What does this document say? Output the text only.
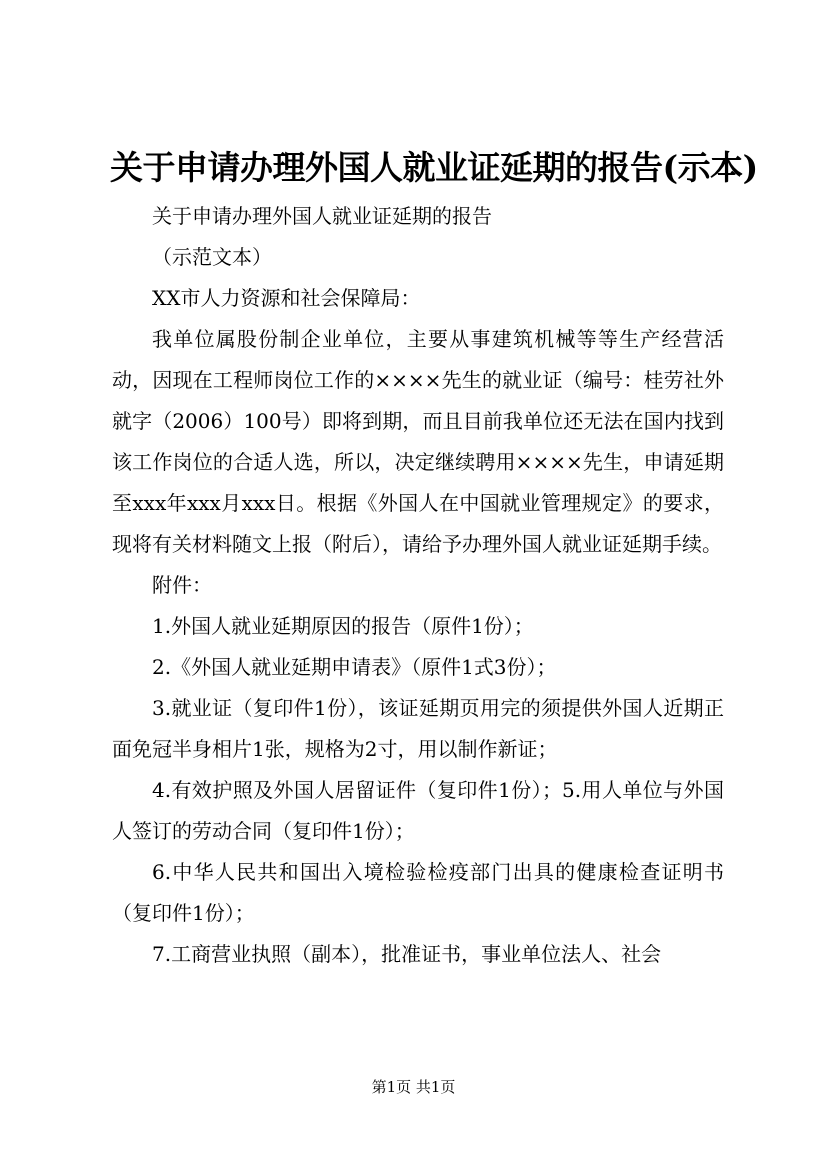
关于申请办理外国人就业证延期的报告(示本)

关于申请办理外国人就业证延期的报告

（示范文本）

XX市人力资源和社会保障局：

我单位属股份制企业单位，主要从事建筑机械等等生产经营活动，因现在工程师岗位工作的××××先生的就业证（编号：桂劳社外就字（2006）100号）即将到期，而且目前我单位还无法在国内找到该工作岗位的合适人选，所以，决定继续聘用××××先生，申请延期至xxx年xxx月xxx日。根据《外国人在中国就业管理规定》的要求，现将有关材料随文上报（附后），请给予办理外国人就业证延期手续。

附件：

1.外国人就业延期原因的报告（原件1份）；

2.《外国人就业延期申请表》（原件1式3份）；

3.就业证（复印件1份），该证延期页用完的须提供外国人近期正面免冠半身相片1张，规格为2寸，用以制作新证；

4.有效护照及外国人居留证件（复印件1份）；5.用人单位与外国人签订的劳动合同（复印件1份）；

6.中华人民共和国出入境检验检疫部门出具的健康检查证明书（复印件1份）；

7.工商营业执照（副本），批准证书，事业单位法人、社会

第1页 共1页
